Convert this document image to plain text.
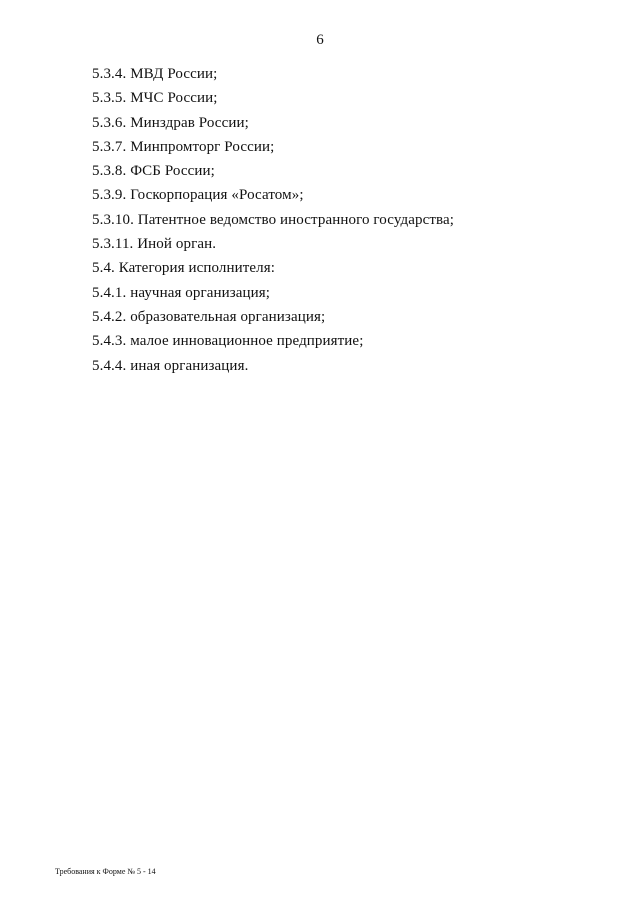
6
5.3.4. МВД России;
5.3.5. МЧС России;
5.3.6. Минздрав России;
5.3.7. Минпромторг России;
5.3.8. ФСБ России;
5.3.9. Госкорпорация «Росатом»;
5.3.10. Патентное ведомство иностранного государства;
5.3.11. Иной орган.
5.4. Категория исполнителя:
5.4.1. научная организация;
5.4.2. образовательная организация;
5.4.3. малое инновационное предприятие;
5.4.4. иная организация.
Требования к Форме № 5 - 14
